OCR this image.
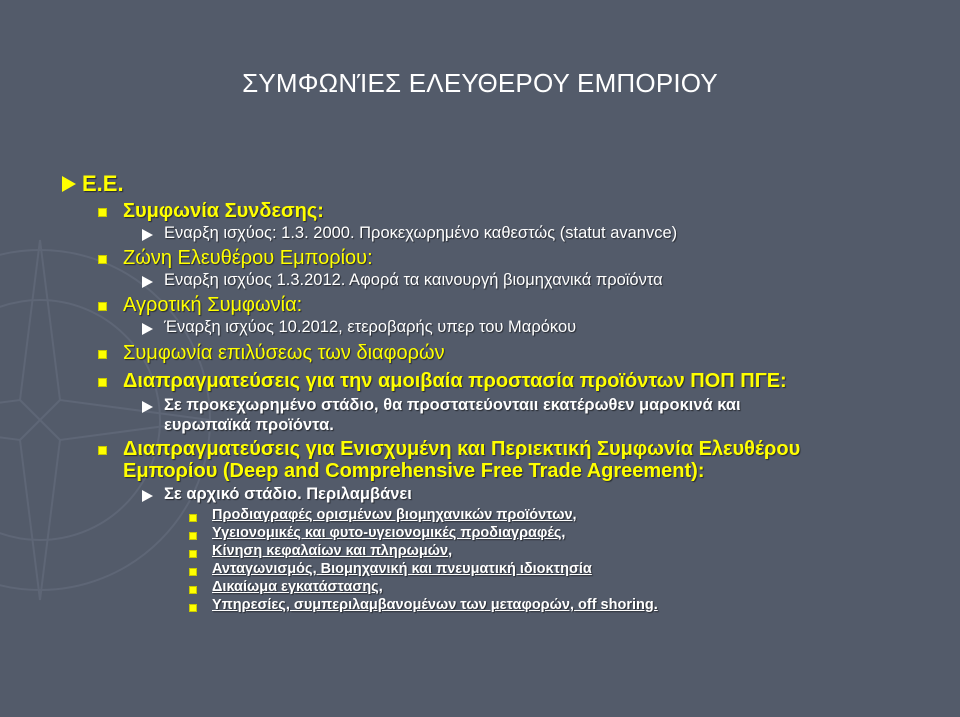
ΣΥΜΦΩΝΊΕΣ ΕΛΕΥΘΕΡΟΥ ΕΜΠΟΡΙΟΥ
Ε.Ε.
Συμφωνία Συνδεσης:
Εναρξη ισχύος: 1.3. 2000. Προκεχωρημένο καθεστώς (statut avanvce)
Ζώνη Ελευθέρου Εμπορίου:
Εναρξη ισχύος 1.3.2012. Αφορά τα καινουργή βιομηχανικά προϊόντα
Αγροτική Συμφωνία:
Έναρξη ισχύος 10.2012, ετεροβαρής υπερ του Μαρόκου
Συμφωνία επιλύσεως των διαφορών
Διαπραγματεύσεις για την αμοιβαία προστασία προϊόντων ΠΟΠ ΠΓΕ:
Σε προκεχωρημένο στάδιο, θα προστατεύονταιι εκατέρωθεν μαροκινά και
ευρωπαϊκά προϊόντα.
Διαπραγματεύσεις για Ενισχυμένη και Περιεκτική Συμφωνία Ελευθέρου
Εμπορίου (Deep and Comprehensive Free Trade Agreement):
Σε αρχικό στάδιο. Περιλαμβάνει
Προδιαγραφές ορισμένων βιομηχανικών προϊόντων,
Υγειονομικές και φυτο-υγειονομικές προδιαγραφές,
Κίνηση κεφαλαίων και πληρωμών,
Ανταγωνισμός, Βιομηχανική και πνευματική ιδιοκτησία
Δικαίωμα εγκατάστασης,
Υπηρεσίες, συμπεριλαμβανομένων των μεταφορών, off shoring.
